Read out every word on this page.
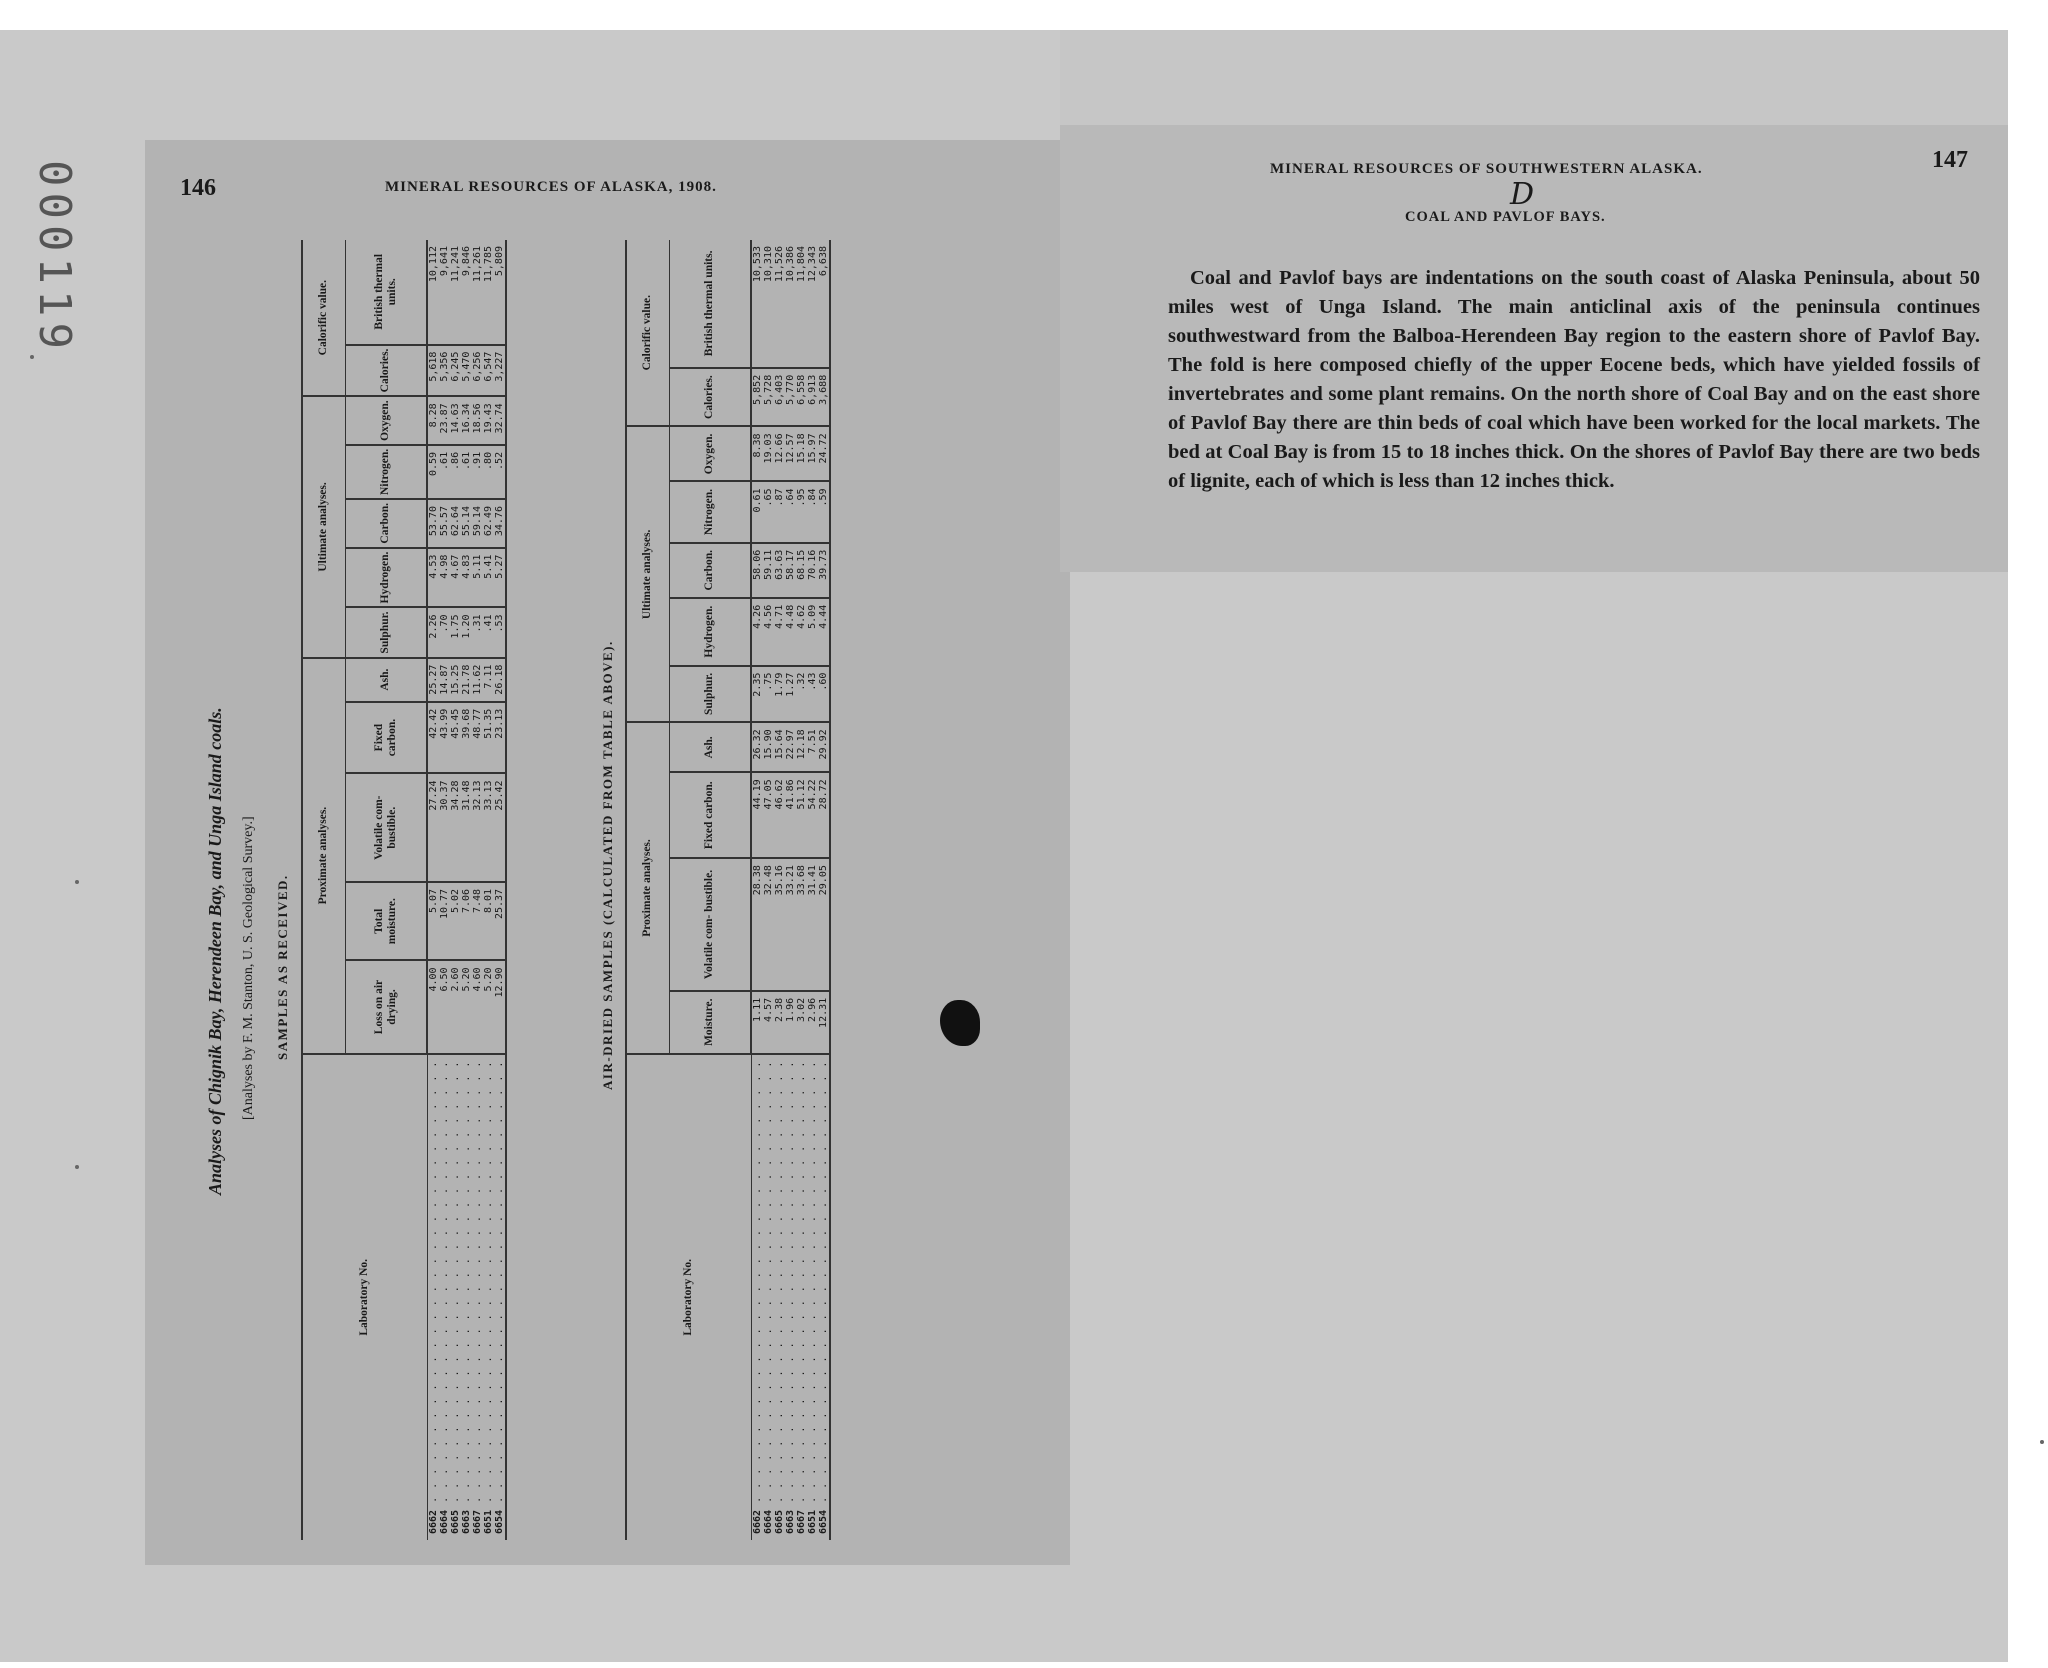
000119	146	MINERAL RESOURCES OF ALASKA, 1908.
Analyses of Chignik Bay, Herendeen Bay, and Unga Island coals. [Analyses by F. M. Stanton, U. S. Geological Survey.] SAMPLES AS RECEIVED.
Laboratory No.	Proximate analyses.					Ultimate analyses.					Calorific value.	
	Loss on air drying.	Total moisture.	Volatile com- bustible.	Fixed carbon.	Ash.	Sulphur.	Hydrogen.	Carbon.	Nitrogen.	Oxygen.	Calories.	British thermal units.
6662 . . .	4.00	5.07	27.24	42.42	25.27	2.26	4.53	53.70	0.59	8.28	5,618	10,112
6664 . . .	6.50	10.77	30.37	43.99	14.87	.70	4.98	55.57	.61	23.87	5,356	9,641
6665 . . .	2.60	5.02	34.28	45.45	15.25	1.75	4.67	62.64	.86	14.63	6,245	11,241
6663 . . .	5.20	7.06	31.48	39.68	21.78	1.20	4.83	55.14	.61	16.34	5,470	9,846
6667 . . .	4.60	7.48	32.13	48.77	11.62	.31	5.11	59.14	.91	18.56	6,256	11,261
6651 . . .	5.20	8.01	33.13	51.35	7.11	.41	5.41	62.49	.80	19.43	6,547	11,785
6654 . . .	12.90	25.37	25.42	23.13	26.18	.53	5.27	34.76	.52	32.74	3,227	5,809
AIR-DRIED SAMPLES (CALCULATED FROM TABLE ABOVE).
Laboratory No.	Proximate analyses.				Ultimate analyses.					Calorific value.	
	Moisture.	Volatile com- bustible.	Fixed carbon.	Ash.	Sulphur.	Hydrogen.	Carbon.	Nitrogen.	Oxygen.	Calories.	British thermal units.
6662 . . .	1.11	28.38	44.19	26.32	2.35	4.26	58.06	0.61	8.38	5,852	10,533
6664 . . .	4.57	32.48	47.05	15.90	.75	4.56	59.11	.65	19.03	5,728	10,310
6665 . . .	2.38	35.16	46.62	15.64	1.79	4.71	63.63	.87	12.66	6,403	11,526
6663 . . .	1.96	33.21	41.86	22.97	1.27	4.48	58.17	.64	12.57	5,770	10,386
6667 . . .	3.02	33.68	51.12	12.18	.32	4.62	68.15	.95	15.18	6,558	11,804
6651 . . .	2.96	31.41	54.22	7.51	.43	5.09	70.16	.84	15.97	6,913	12,343
6654 . . .	12.31	29.05	28.72	29.92	.60	4.44	39.73	.59	24.72	3,688	6,638
MINERAL RESOURCES OF SOUTHWESTERN ALASKA.	147
D
COAL AND PAVLOF BAYS.

Coal and Pavlof bays are indentations on the south coast of Alaska Peninsula, about 50 miles west of Unga Island. The main anticlinal axis of the peninsula continues southwestward from the Balboa-Herendeen Bay region to the eastern shore of Pavlof Bay. The fold is here composed chiefly of the upper Eocene beds, which have yielded fossils of invertebrates and some plant remains. On the north shore of Coal Bay and on the east shore of Pavlof Bay there are thin beds of coal which have been worked for the local markets. The bed at Coal Bay is from 15 to 18 inches thick. On the shores of Pavlof Bay there are two beds of lignite, each of which is less than 12 inches thick.
